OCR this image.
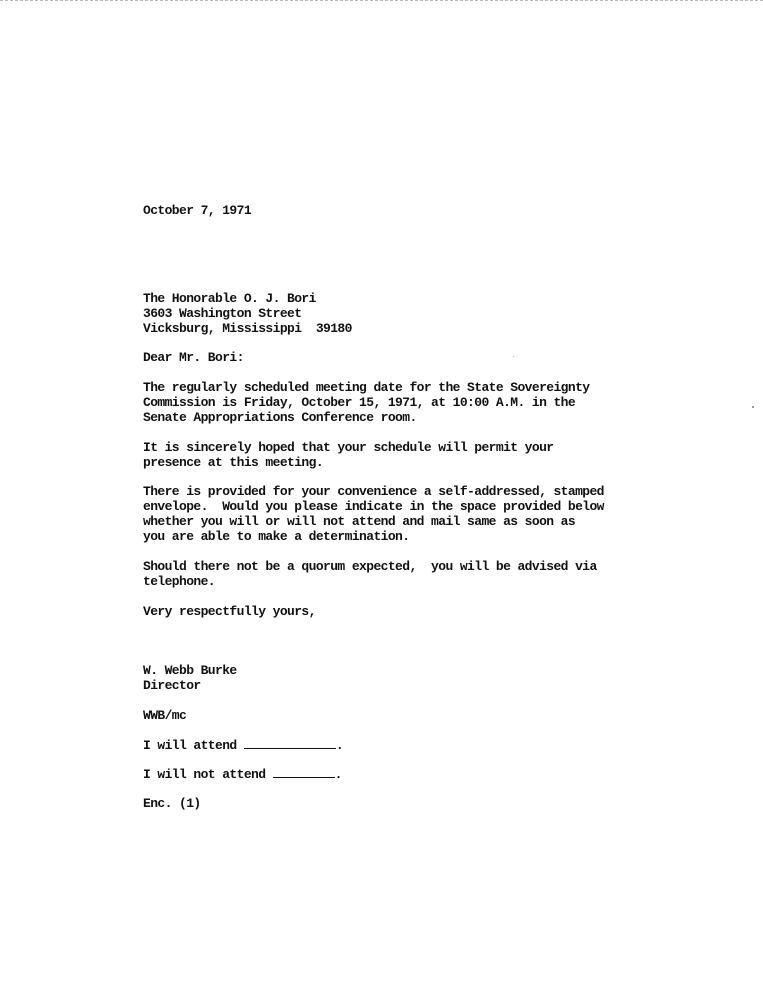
October 7, 1971

The Honorable O. J. Bori

3603 Washington Street

Vicksburg, Mississippi  39180

Dear Mr. Bori:

The regularly scheduled meeting date for the State Sovereignty

Commission is Friday, October 15, 1971, at 10:00 A.M. in the

Senate Appropriations Conference room.

It is sincerely hoped that your schedule will permit your

presence at this meeting.

There is provided for your convenience a self-addressed, stamped

envelope.  Would you please indicate in the space provided below

whether you will or will not attend and mail same as soon as

you are able to make a determination.

Should there not be a quorum expected,  you will be advised via

telephone.

Very respectfully yours,

W. Webb Burke

Director

WWB/mc

I will attend	.

I will not attend	.

Enc. (1)
